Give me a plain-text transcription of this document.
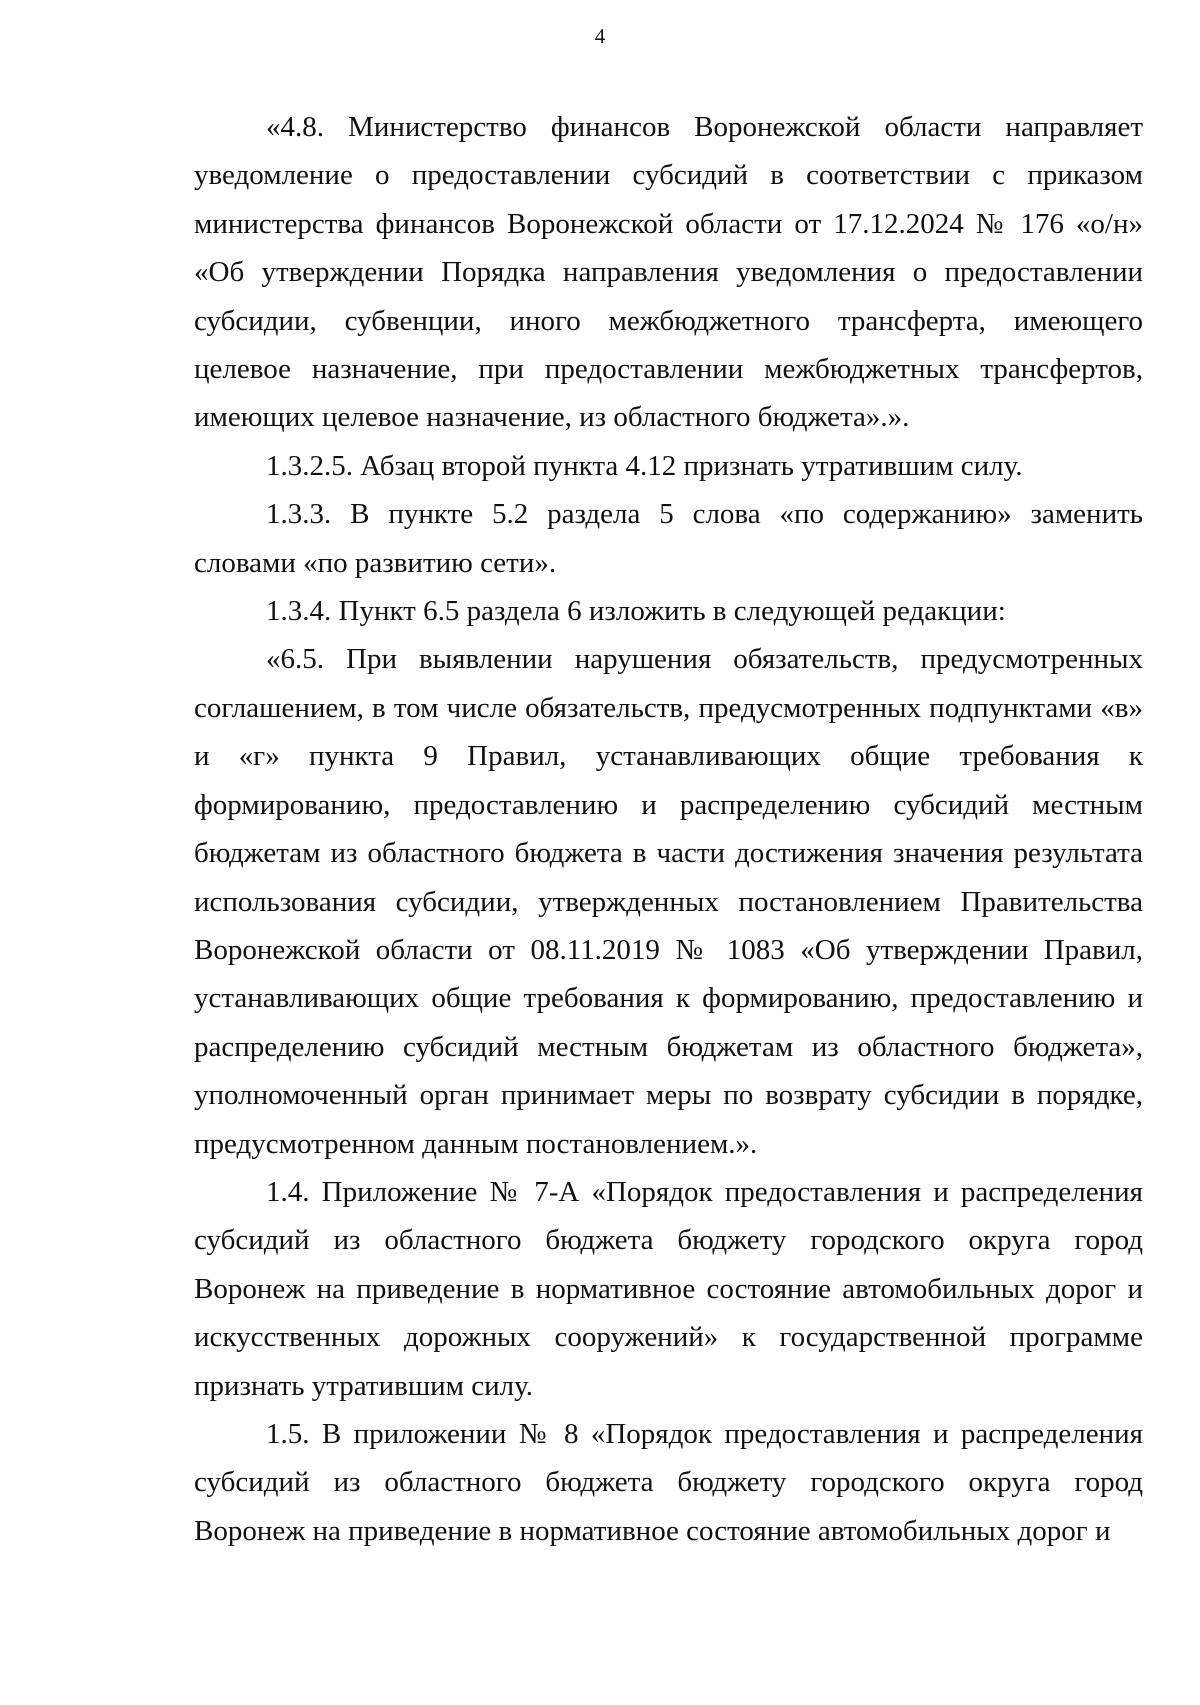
4

«4.8. Министерство финансов Воронежской области направляет уведомление о предоставлении субсидий в соответствии с приказом министерства финансов Воронежской области от 17.12.2024 № 176 «о/н» «Об утверждении Порядка направления уведомления о предоставлении субсидии, субвенции, иного межбюджетного трансферта, имеющего целевое назначение, при предоставлении межбюджетных трансфертов, имеющих целевое назначение, из областного бюджета».».

1.3.2.5. Абзац второй пункта 4.12 признать утратившим силу.

1.3.3. В пункте 5.2 раздела 5 слова «по содержанию» заменить словами «по развитию сети».

1.3.4. Пункт 6.5 раздела 6 изложить в следующей редакции:

«6.5. При выявлении нарушения обязательств, предусмотренных соглашением, в том числе обязательств, предусмотренных подпунктами «в» и «г» пункта 9 Правил, устанавливающих общие требования к формированию, предоставлению и распределению субсидий местным бюджетам из областного бюджета в части достижения значения результата использования субсидии, утвержденных постановлением Правительства Воронежской области от 08.11.2019 № 1083 «Об утверждении Правил, устанавливающих общие требования к формированию, предоставлению и распределению субсидий местным бюджетам из областного бюджета», уполномоченный орган принимает меры по возврату субсидии в порядке, предусмотренном данным постановлением.».

1.4. Приложение № 7-А «Порядок предоставления и распределения субсидий из областного бюджета бюджету городского округа город Воронеж на приведение в нормативное состояние автомобильных дорог и искусственных дорожных сооружений» к государственной программе признать утратившим силу.

1.5. В приложении № 8 «Порядок предоставления и распределения субсидий из областного бюджета бюджету городского округа город Воронеж на приведение в нормативное состояние автомобильных дорог и
